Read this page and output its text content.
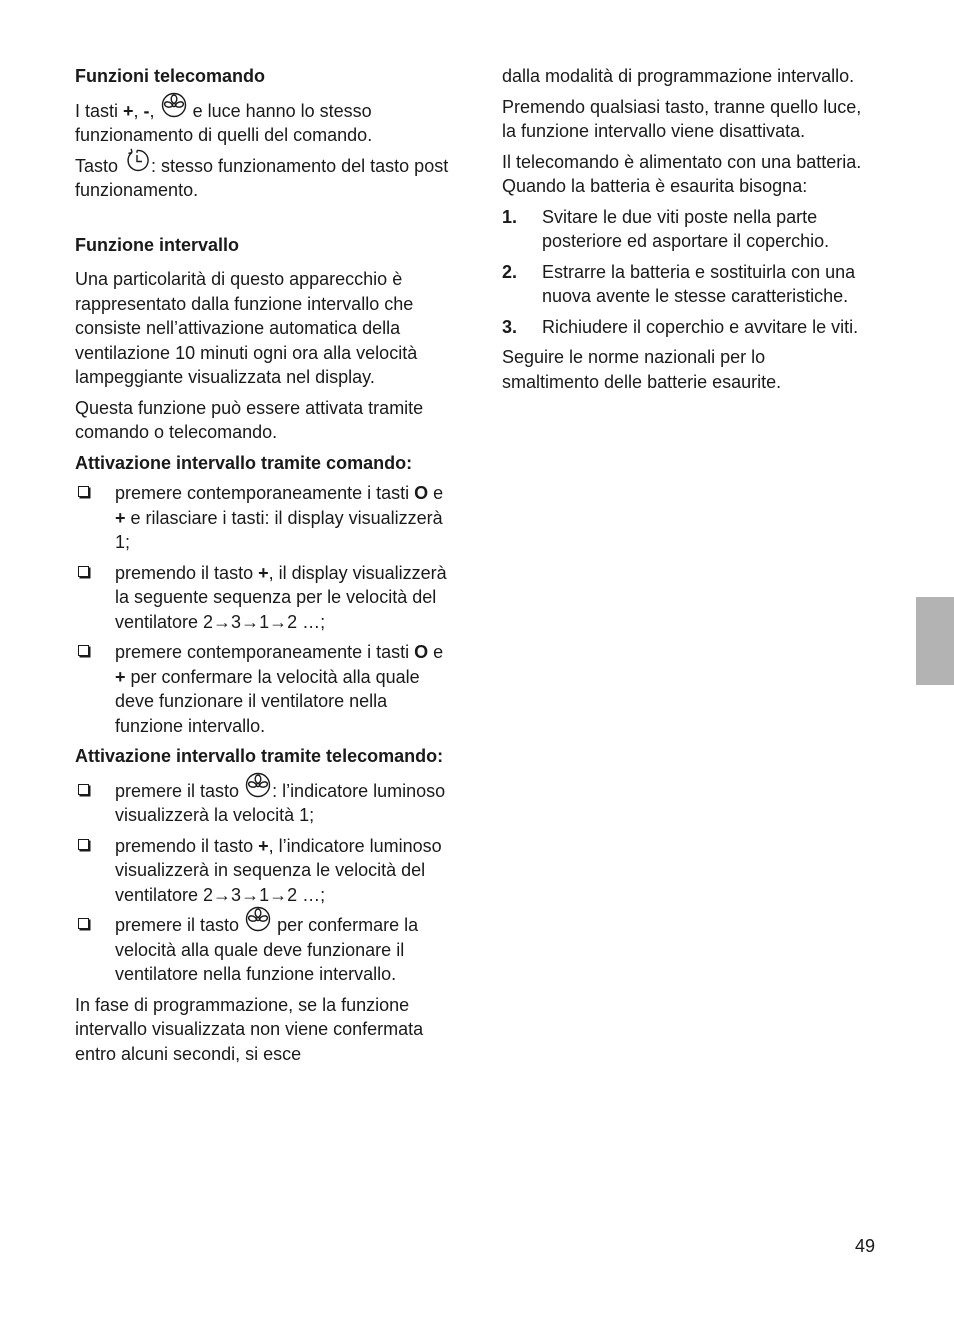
Funzioni telecomando

I tasti +, -,
e luce hanno lo stesso funzionamento di quelli del comando.

Tasto
: stesso funzionamento del tasto post funzionamento.

Funzione intervallo

Una particolarità di questo apparecchio è rappresentato dalla funzione intervallo che consiste nell’attivazione automatica della ventilazione 10 minuti ogni ora alla velocità lampeggiante visualizzata nel display.

Questa funzione può essere attivata tramite comando o telecomando.

Attivazione intervallo tramite comando:
premere contemporaneamente i tasti O e + e rilasciare i tasti: il display visualizzerà 1;
premendo il tasto +, il display visualizzerà la seguente sequenza per le velocità del ventilatore 2→3→1→2 …;
premere contemporaneamente i tasti O e + per confermare la velocità alla quale deve funzionare il ventilatore nella funzione intervallo.
Attivazione intervallo tramite telecomando:
premere il tasto
: l’indicatore luminoso visualizzerà la velocità 1;
premendo il tasto +, l’indicatore luminoso visualizzerà in sequenza le velocità del ventilatore 2→3→1→2 …;
premere il tasto
per confermare la velocità alla quale deve funzionare il ventilatore nella funzione intervallo.

In fase di programmazione, se la funzione intervallo visualizzata non viene confermata entro alcuni secondi, si esce

dalla modalità di programmazione intervallo.

Premendo qualsiasi tasto, tranne quello luce, la funzione intervallo viene disattivata.

Il telecomando è alimentato con una batteria. Quando la batteria è esaurita bisogna:

1. Svitare le due viti poste nella parte posteriore ed asportare il coperchio.
2. Estrarre la batteria e sostituirla con una nuova avente le stesse caratteristiche.
3. Richiudere il coperchio e avvitare le viti.

Seguire le norme nazionali per lo smaltimento delle batterie esaurite.

49
